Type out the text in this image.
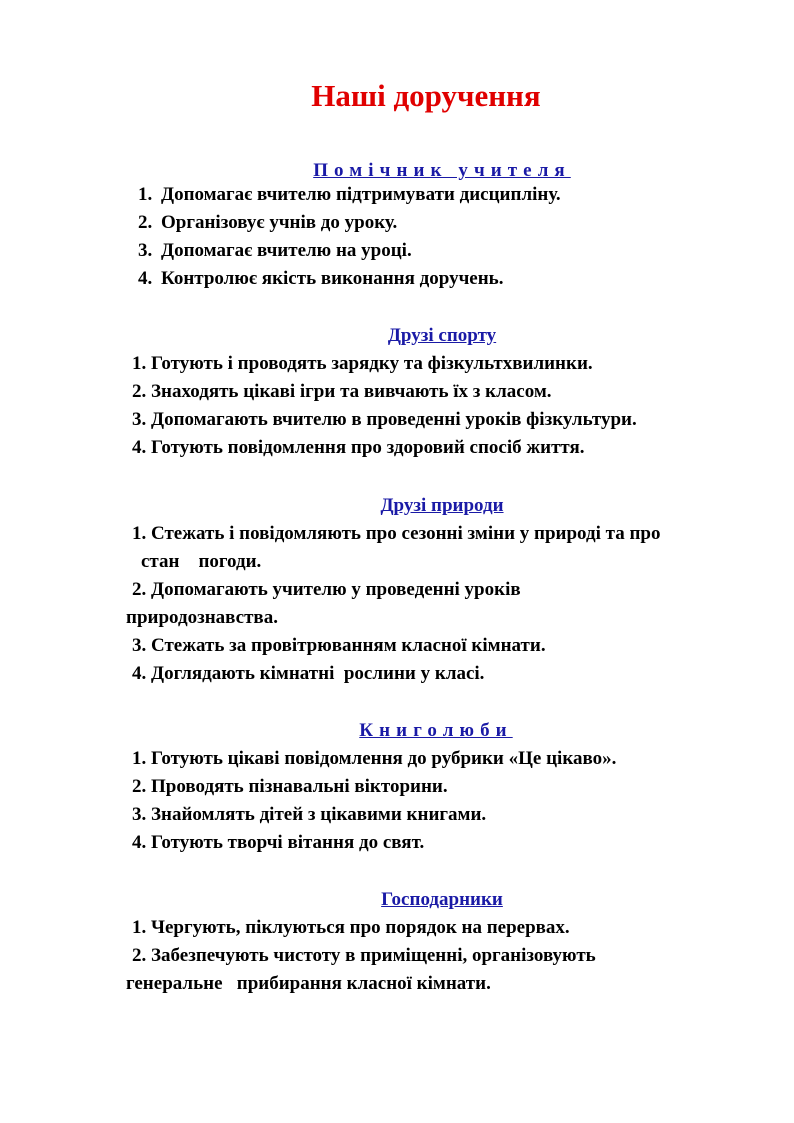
Наші доручення
Помічник учителя
1. Допомагає вчителю підтримувати дисципліну.
2. Організовує учнів до уроку.
3. Допомагає вчителю на уроці.
4. Контролює якість виконання доручень.
Друзі спорту
1. Готують і проводять зарядку та фізкультхвилинки.
2. Знаходять цікаві ігри та вивчають їх з класом.
3. Допомагають вчителю в проведенні уроків фізкультури.
4. Готують повідомлення про здоровий спосіб життя.
Друзі природи
1. Стежать і повідомляють про сезонні зміни у природі та про
стан    погоди.
2. Допомагають учителю у проведенні уроків
природознавства.
3. Стежать за провітрюванням класної кімнати.
4. Доглядають кімнатні  рослини у класі.
Книголюби
1. Готують цікаві повідомлення до рубрики «Це цікаво».
2. Проводять пізнавальні вікторини.
3. Знайомлять дітей з цікавими книгами.
4. Готують творчі вітання до свят.
Господарники
1. Чергують, піклуються про порядок на перервах.
2. Забезпечують чистоту в приміщенні, організовують
генеральне   прибирання класної кімнати.
